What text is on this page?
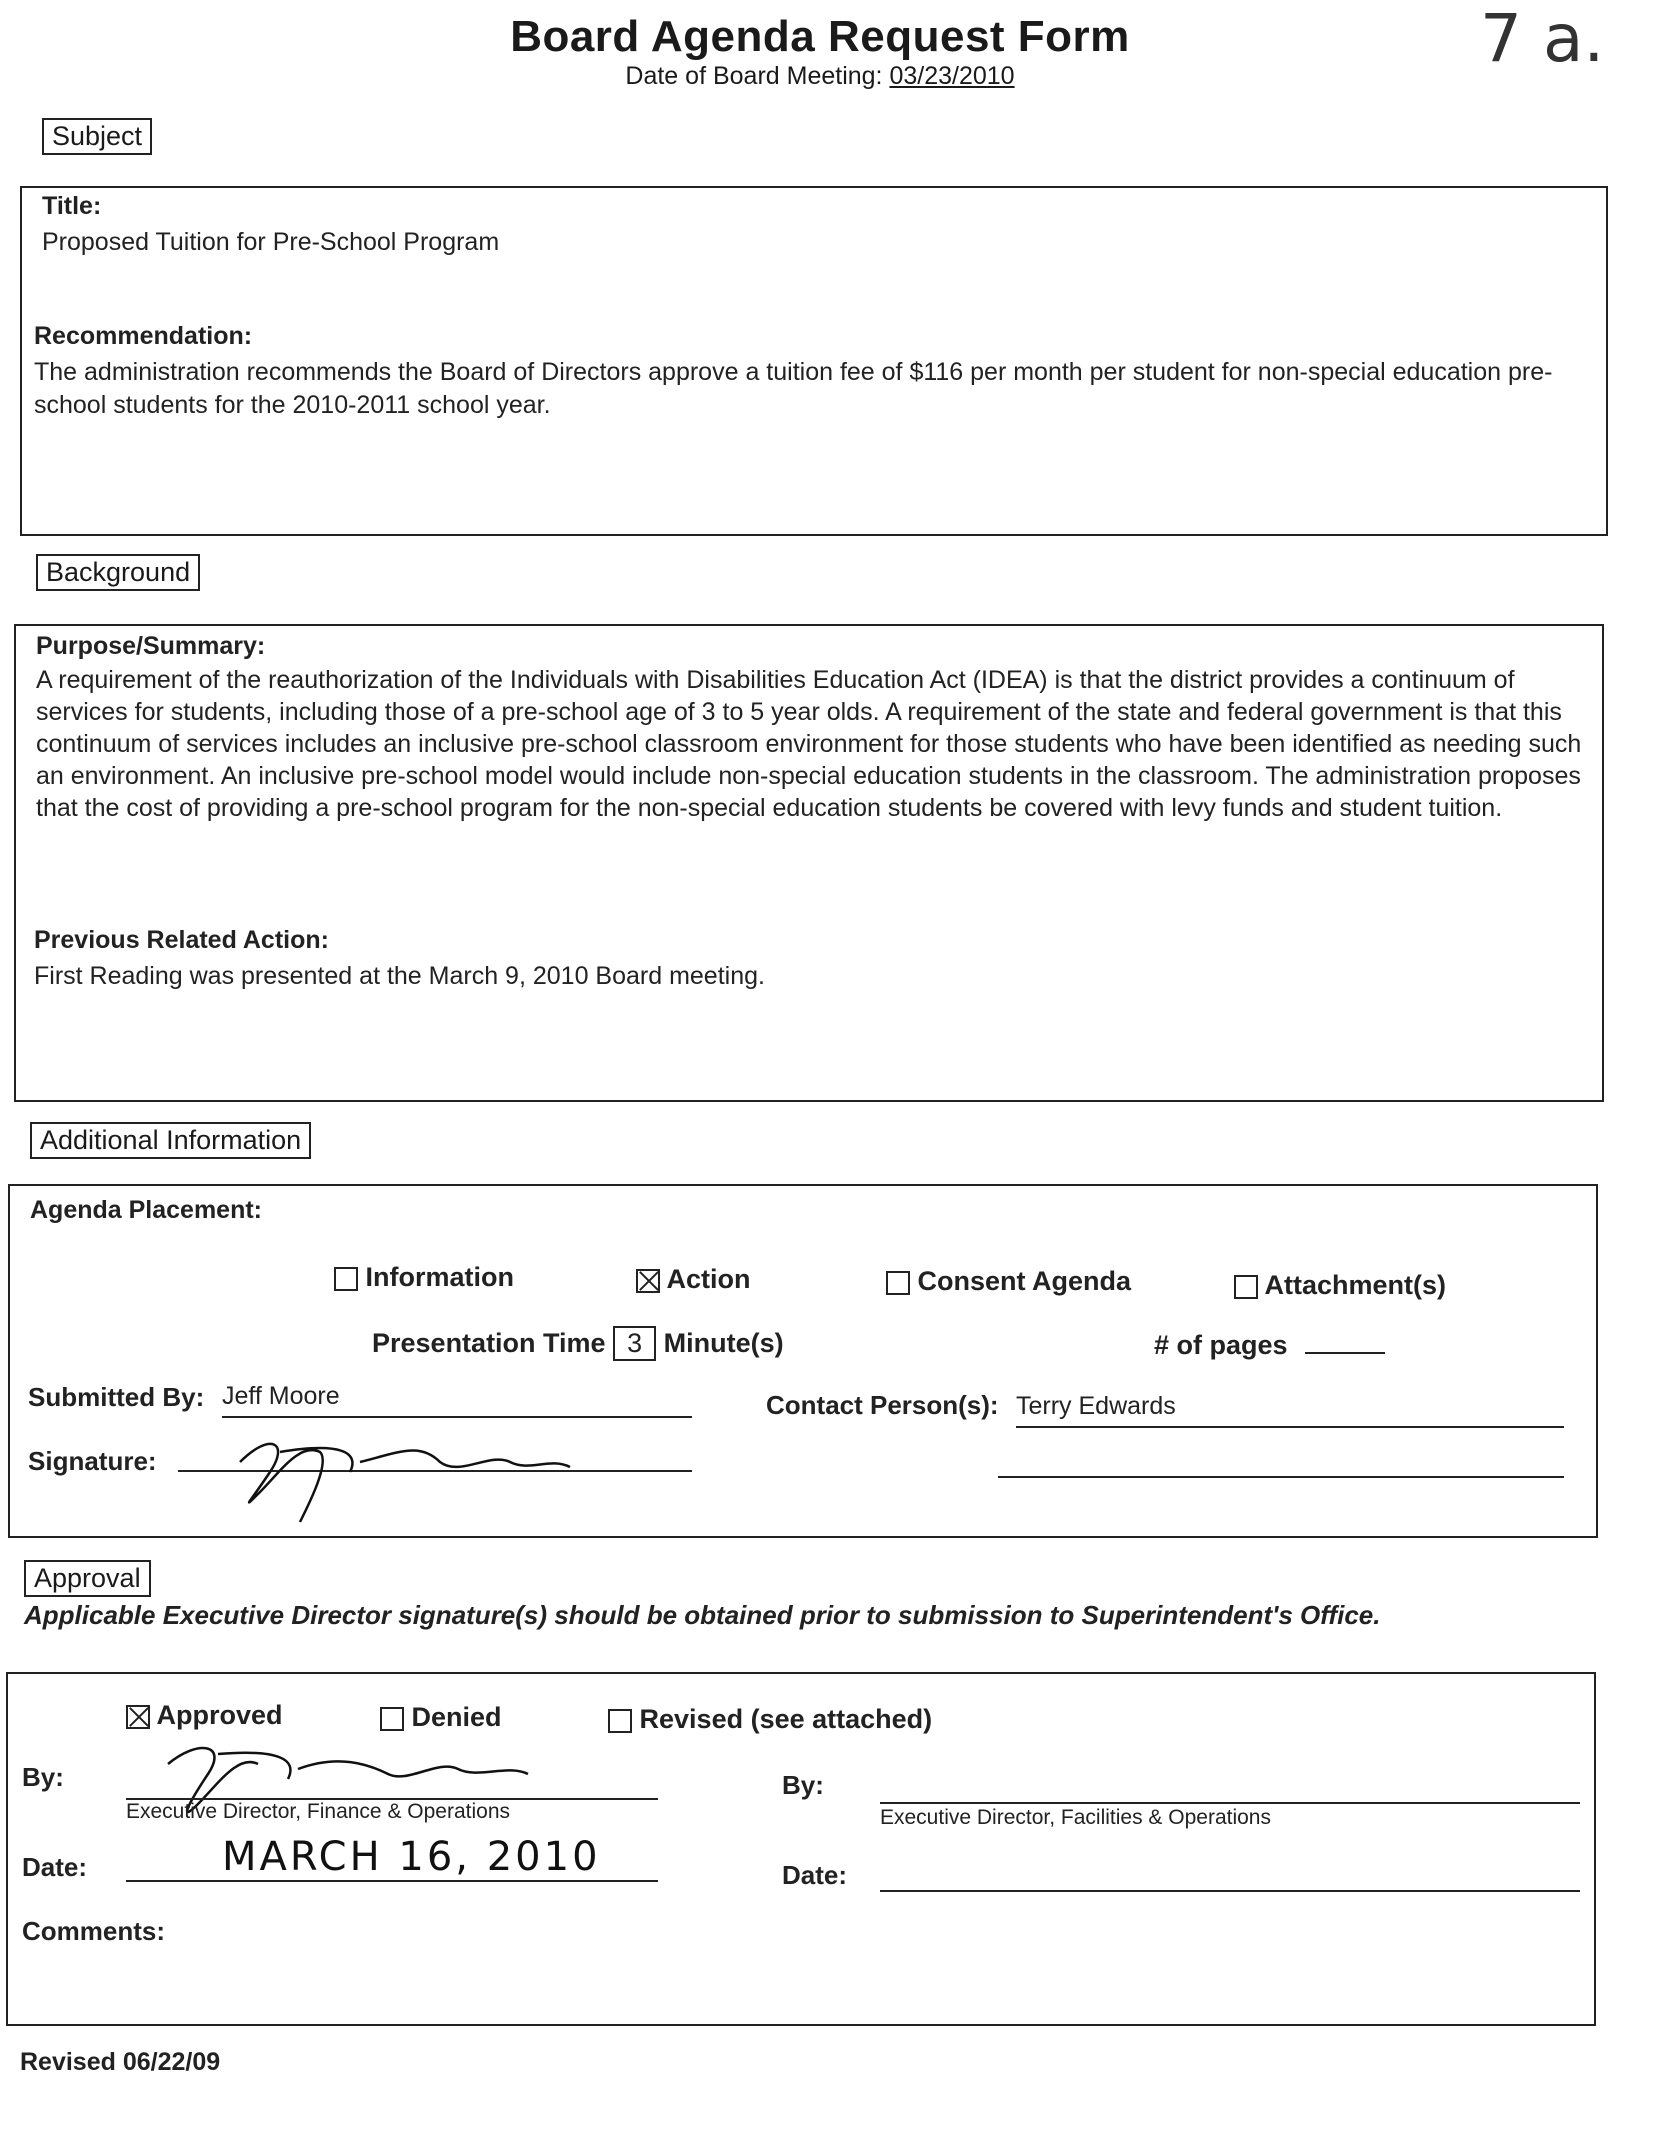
Board Agenda Request Form
Date of Board Meeting: 03/23/2010	7 a.
Subject
Title:
Proposed Tuition for Pre-School Program
Recommendation:
The administration recommends the Board of Directors approve a tuition fee of $116 per month per student for non-special education pre-school students for the 2010-2011 school year.
Background
Purpose/Summary:
A requirement of the reauthorization of the Individuals with Disabilities Education Act (IDEA) is that the district provides a continuum of services for students, including those of a pre-school age of 3 to 5 year olds. A requirement of the state and federal government is that this continuum of services includes an inclusive pre-school classroom environment for those students who have been identified as needing such an environment. An inclusive pre-school model would include non-special education students in the classroom. The administration proposes that the cost of providing a pre-school program for the non-special education students be covered with levy funds and student tuition.
Previous Related Action:
First Reading was presented at the March 9, 2010 Board meeting.
Additional Information
Agenda Placement:
Information	Action	Consent Agenda	Attachment(s)
Presentation Time 3 Minute(s)	# of pages
Submitted By: Jeff Moore	Contact Person(s): Terry Edwards
Signature:
Approval
Applicable Executive Director signature(s) should be obtained prior to submission to Superintendent's Office.
Approved	Denied	Revised (see attached)
By:
Executive Director, Finance & Operations
By:
Executive Director, Facilities & Operations
Date:	MARCH 16, 2010	Date:
Comments:
Revised 06/22/09
